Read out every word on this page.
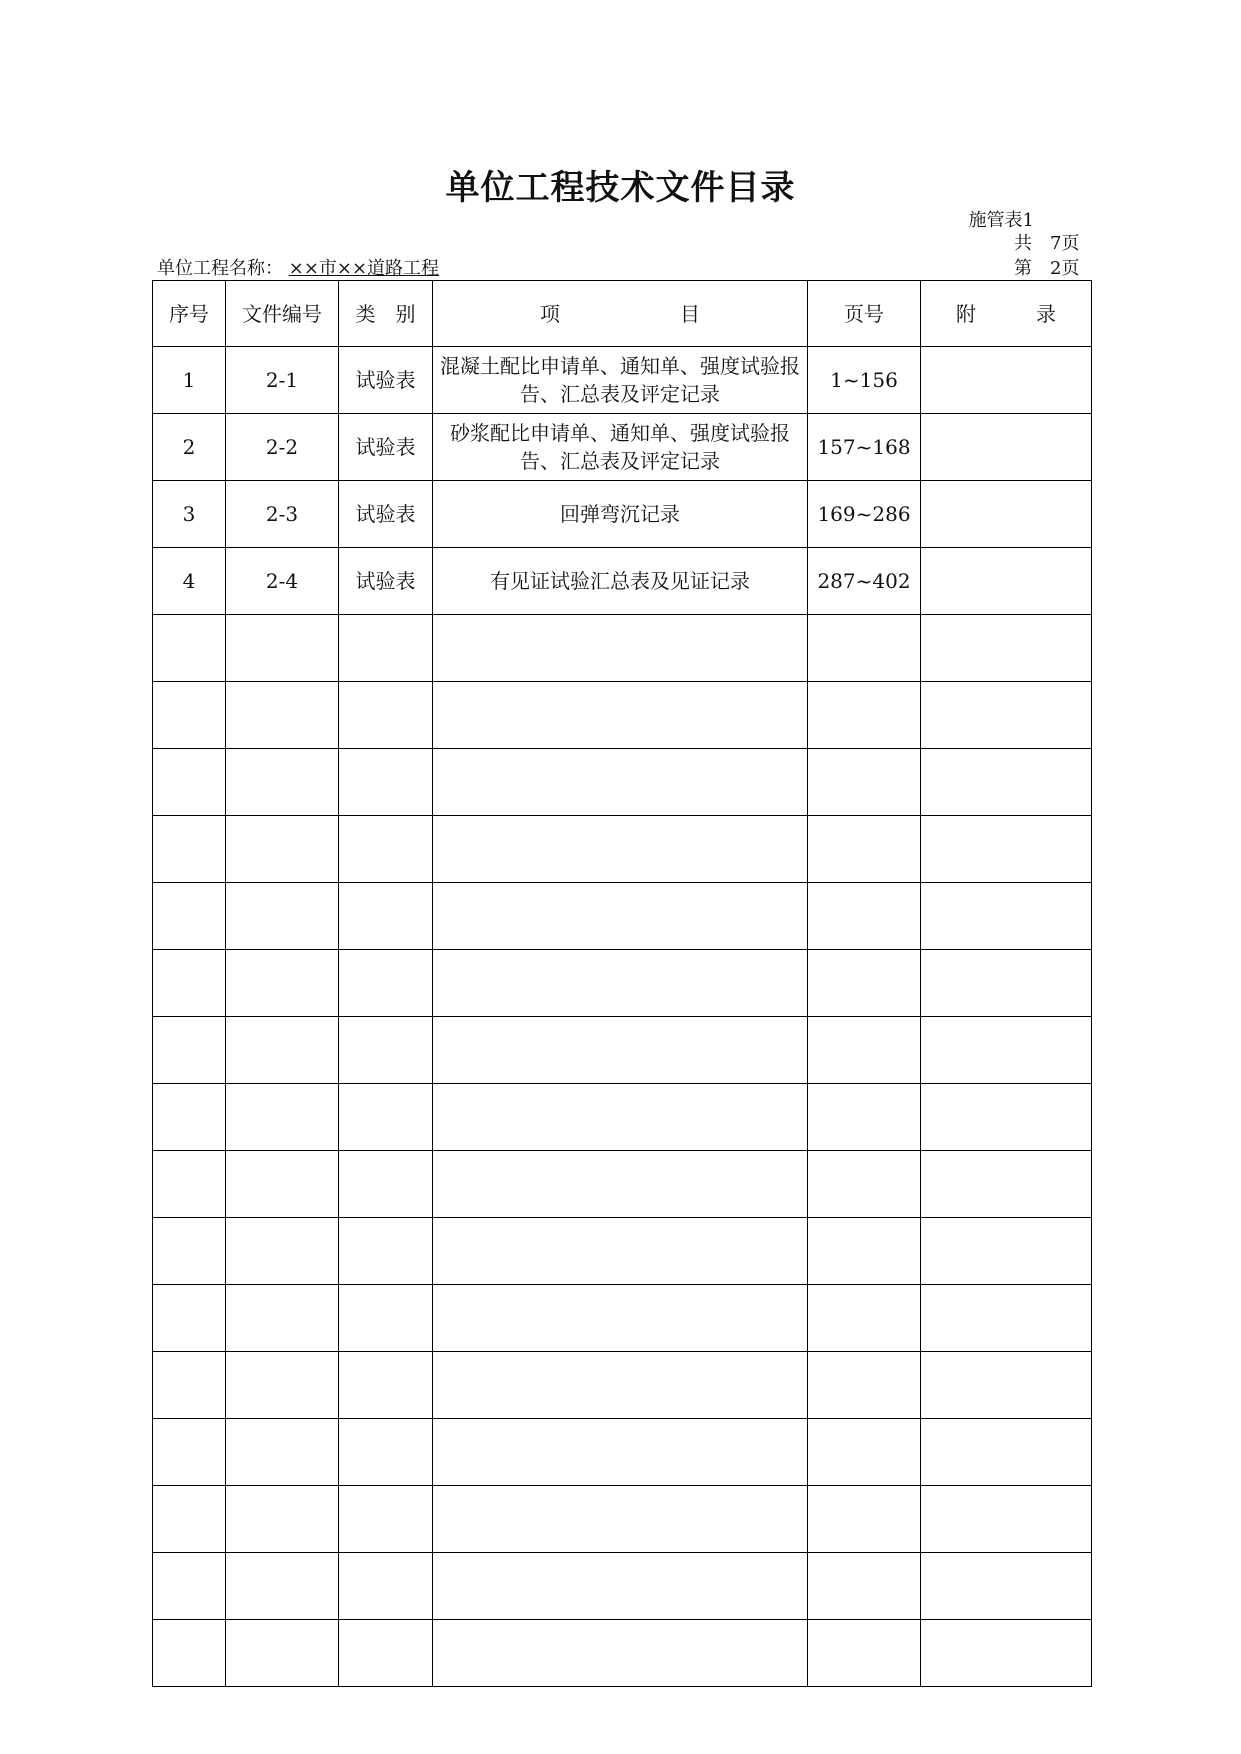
单位工程技术文件目录
施管表1
共　7页
第　2页
单位工程名称： ××市××道路工程
序号	文件编号	类　别	项　　　　　　目	页号	附　　　录
1	2-1	试验表	混凝土配比申请单、通知单、强度试验报告、汇总表及评定记录	1~156	
2	2-2	试验表	砂浆配比申请单、通知单、强度试验报告、汇总表及评定记录	157~168	
3	2-3	试验表	回弹弯沉记录	169~286	
4	2-4	试验表	有见证试验汇总表及见证记录	287~402	
